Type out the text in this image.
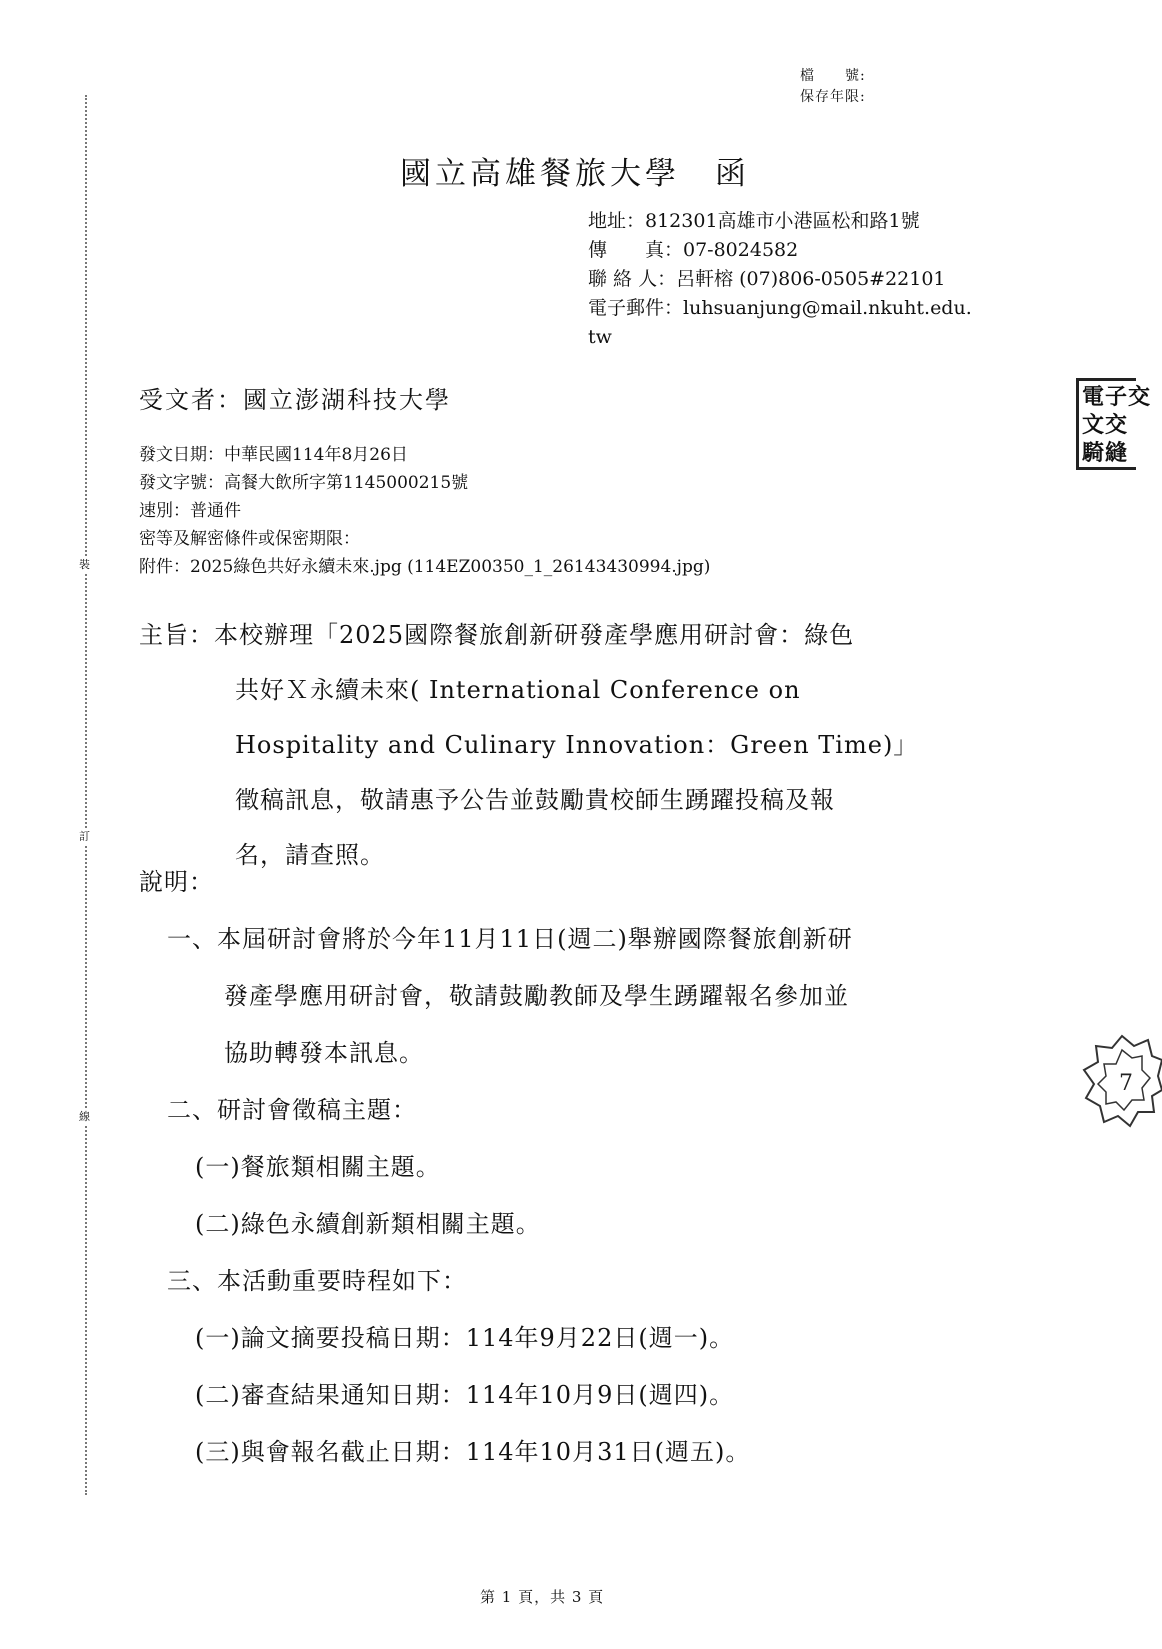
裝
訂
線
檔　　號:
保存年限:
國立高雄餐旅大學　函
地址：812301高雄市小港區松和路1號
傳　　真：07-8024582
聯 絡 人：呂軒榕 (07)806-0505#22101
電子郵件：luhsuanjung@mail.nkuht.edu.
tw
受文者：國立澎湖科技大學
發文日期：中華民國114年8月26日
發文字號：高餐大飲所字第1145000215號
速別：普通件
密等及解密條件或保密期限：
附件：2025綠色共好永續未來.jpg (114EZ00350_1_26143430994.jpg)
主旨：本校辦理「2025國際餐旅創新研發產學應用研討會：綠色
共好Ｘ永續未來( International Conference on
Hospitality and Culinary Innovation：Green Time)」
徵稿訊息，敬請惠予公告並鼓勵貴校師生踴躍投稿及報
名，請查照。
說明：
一、本屆研討會將於今年11月11日(週二)舉辦國際餐旅創新研
發產學應用研討會，敬請鼓勵教師及學生踴躍報名參加並
協助轉發本訊息。
二、研討會徵稿主題：
(一)餐旅類相關主題。
(二)綠色永續創新類相關主題。
三、本活動重要時程如下：
(一)論文摘要投稿日期：114年9月22日(週一)。
(二)審查結果通知日期：114年10月9日(週四)。
(三)與會報名截止日期：114年10月31日(週五)。
電子交
文交
騎縫
7
第 1 頁，共 3 頁
